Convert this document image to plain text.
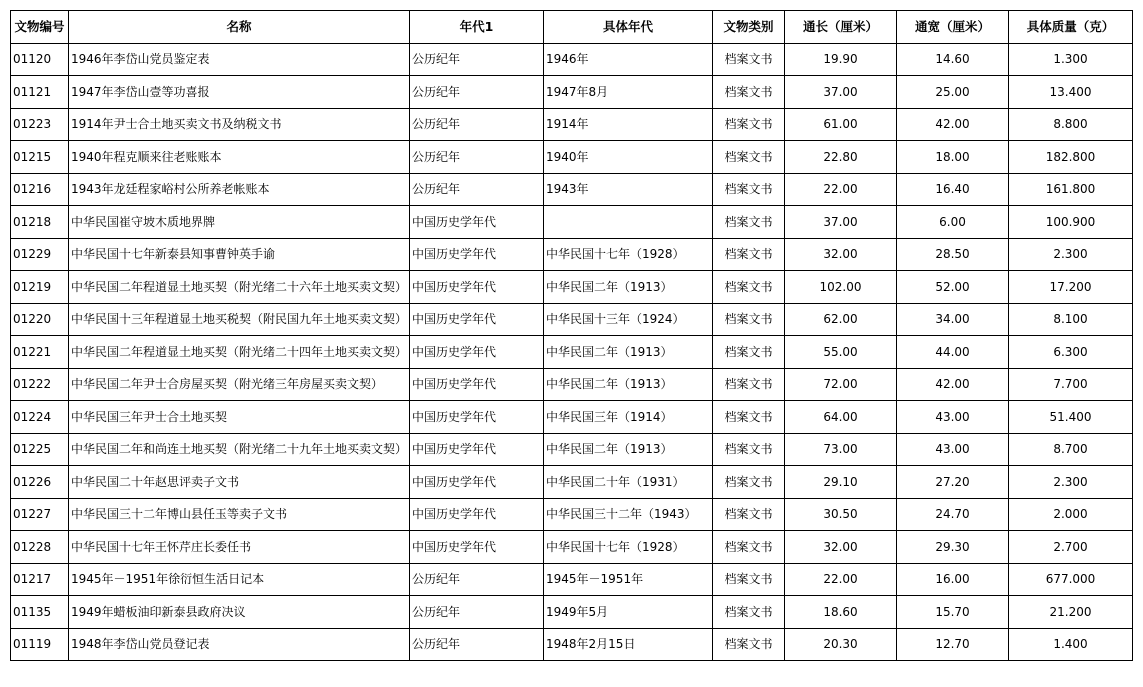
文物编号	名称	年代1	具体年代	文物类别	通长（厘米）	通宽（厘米）	具体质量（克）
01120	1946年李岱山党员鉴定表	公历纪年	1946年	档案文书	19.90	14.60	1.300
01121	1947年李岱山壹等功喜报	公历纪年	1947年8月	档案文书	37.00	25.00	13.400
01223	1914年尹士合土地买卖文书及纳税文书	公历纪年	1914年	档案文书	61.00	42.00	8.800
01215	1940年程克顺来往老账账本	公历纪年	1940年	档案文书	22.80	18.00	182.800
01216	1943年龙廷程家峪村公所养老帐账本	公历纪年	1943年	档案文书	22.00	16.40	161.800
01218	中华民国崔守坡木质地界牌	中国历史学年代		档案文书	37.00	6.00	100.900
01229	中华民国十七年新泰县知事曹钟英手谕	中国历史学年代	中华民国十七年（1928）	档案文书	32.00	28.50	2.300
01219	中华民国二年程道显土地买契（附光绪二十六年土地买卖文契）	中国历史学年代	中华民国二年（1913）	档案文书	102.00	52.00	17.200
01220	中华民国十三年程道显土地买税契（附民国九年土地买卖文契）	中国历史学年代	中华民国十三年（1924）	档案文书	62.00	34.00	8.100
01221	中华民国二年程道显土地买契（附光绪二十四年土地买卖文契）	中国历史学年代	中华民国二年（1913）	档案文书	55.00	44.00	6.300
01222	中华民国二年尹士合房屋买契（附光绪三年房屋买卖文契）	中国历史学年代	中华民国二年（1913）	档案文书	72.00	42.00	7.700
01224	中华民国三年尹士合土地买契	中国历史学年代	中华民国三年（1914）	档案文书	64.00	43.00	51.400
01225	中华民国二年和尚连土地买契（附光绪二十九年土地买卖文契）	中国历史学年代	中华民国二年（1913）	档案文书	73.00	43.00	8.700
01226	中华民国二十年赵思评卖子文书	中国历史学年代	中华民国二十年（1931）	档案文书	29.10	27.20	2.300
01227	中华民国三十二年博山县任玉等卖子文书	中国历史学年代	中华民国三十二年（1943）	档案文书	30.50	24.70	2.000
01228	中华民国十七年王怀芹庄长委任书	中国历史学年代	中华民国十七年（1928）	档案文书	32.00	29.30	2.700
01217	1945年－1951年徐衍恒生活日记本	公历纪年	1945年－1951年	档案文书	22.00	16.00	677.000
01135	1949年蜡板油印新泰县政府决议	公历纪年	1949年5月	档案文书	18.60	15.70	21.200
01119	1948年李岱山党员登记表	公历纪年	1948年2月15日	档案文书	20.30	12.70	1.400
